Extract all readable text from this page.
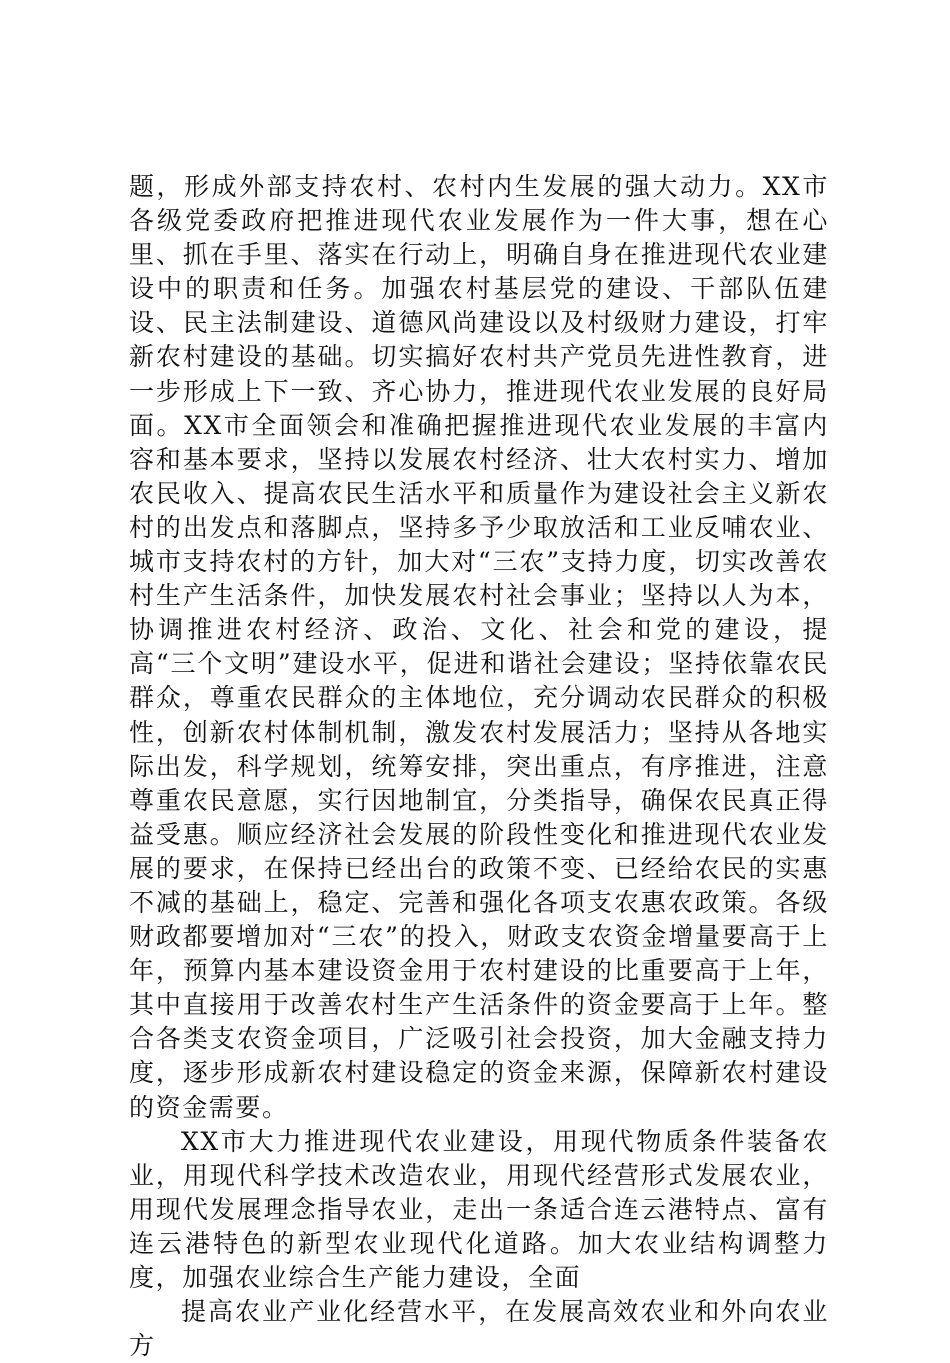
题，形成外部支持农村、农村内生发展的强大动力。XX市各级党委政府把推进现代农业发展作为一件大事，想在心里、抓在手里、落实在行动上，明确自身在推进现代农业建设中的职责和任务。加强农村基层党的建设、干部队伍建设、民主法制建设、道德风尚建设以及村级财力建设，打牢新农村建设的基础。切实搞好农村共产党员先进性教育，进一步形成上下一致、齐心协力，推进现代农业发展的良好局面。XX市全面领会和准确把握推进现代农业发展的丰富内容和基本要求，坚持以发展农村经济、壮大农村实力、增加农民收入、提高农民生活水平和质量作为建设社会主义新农村的出发点和落脚点，坚持多予少取放活和工业反哺农业、城市支持农村的方针，加大对“三农”支持力度，切实改善农村生产生活条件，加快发展农村社会事业；坚持以人为本，协调推进农村经济、政治、文化、社会和党的建设，提高“三个文明”建设水平，促进和谐社会建设；坚持依靠农民群众，尊重农民群众的主体地位，充分调动农民群众的积极性，创新农村体制机制，激发农村发展活力；坚持从各地实际出发，科学规划，统筹安排，突出重点，有序推进，注意尊重农民意愿，实行因地制宜，分类指导，确保农民真正得益受惠。顺应经济社会发展的阶段性变化和推进现代农业发展的要求，在保持已经出台的政策不变、已经给农民的实惠不减的基础上，稳定、完善和强化各项支农惠农政策。各级财政都要增加对“三农”的投入，财政支农资金增量要高于上年，预算内基本建设资金用于农村建设的比重要高于上年，其中直接用于改善农村生产生活条件的资金要高于上年。整合各类支农资金项目，广泛吸引社会投资，加大金融支持力度，逐步形成新农村建设稳定的资金来源，保障新农村建设的资金需要。

XX市大力推进现代农业建设，用现代物质条件装备农业，用现代科学技术改造农业，用现代经营形式发展农业，用现代发展理念指导农业，走出一条适合连云港特点、富有连云港特色的新型农业现代化道路。加大农业结构调整力度，加强农业综合生产能力建设，全面

提高农业产业化经营水平，在发展高效农业和外向农业方
